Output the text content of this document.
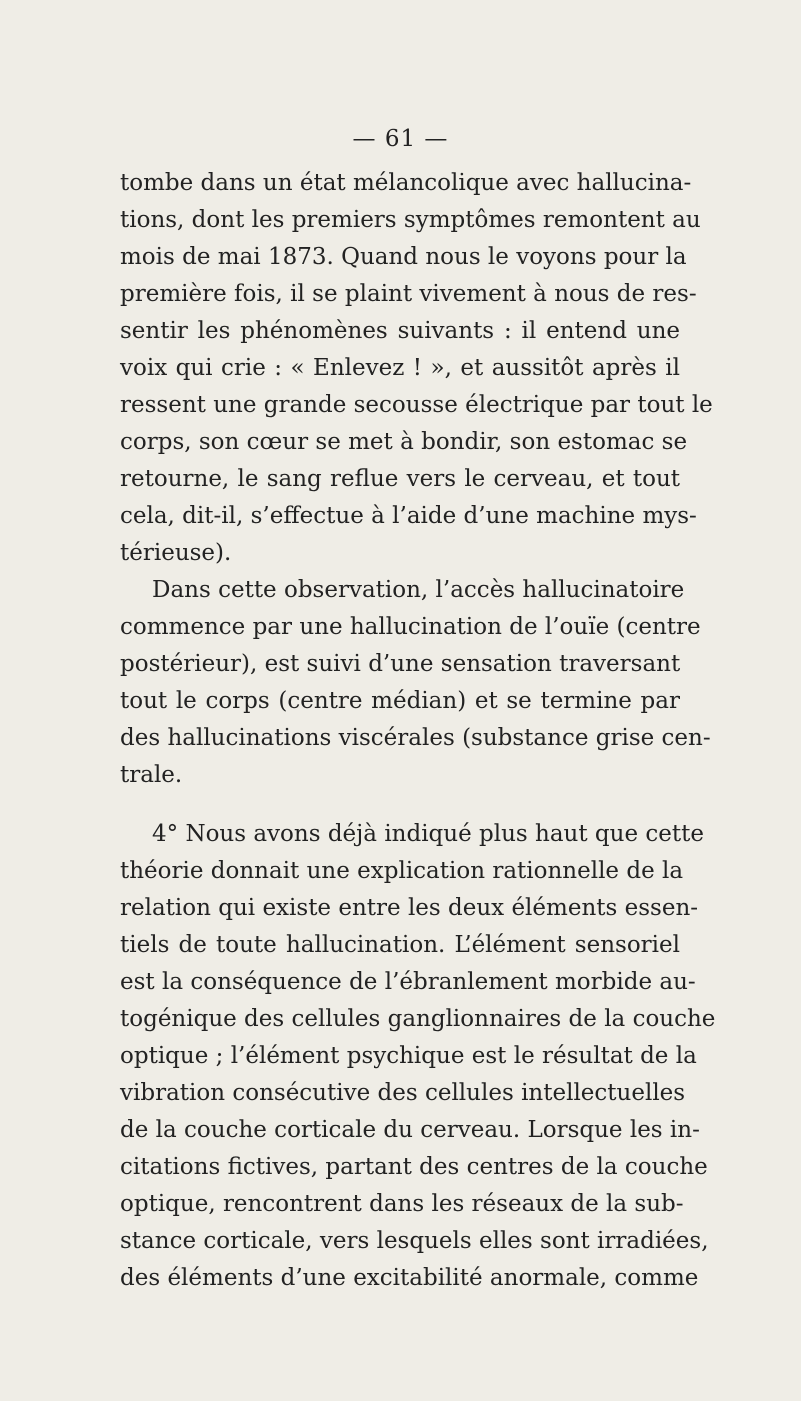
— 61 —
tombe dans un état mélancolique avec hallucina-
tions, dont les premiers symptômes remontent au
mois de mai 1873. Quand nous le voyons pour la
première fois, il se plaint vivement à nous de res-
sentir les phénomènes suivants : il entend une
voix qui crie : « Enlevez ! », et aussitôt après il
ressent une grande secousse électrique par tout le
corps, son cœur se met à bondir, son estomac se
retourne, le sang reflue vers le cerveau, et tout
cela, dit-il, s’effectue à l’aide d’une machine mys-
térieuse).
Dans cette observation, l’accès hallucinatoire
commence par une hallucination de l’ouïe (centre
postérieur), est suivi d’une sensation traversant
tout le corps (centre médian) et se termine par
des hallucinations viscérales (substance grise cen-
trale.
4° Nous avons déjà indiqué plus haut que cette
théorie donnait une explication rationnelle de la
relation qui existe entre les deux éléments essen-
tiels de toute hallucination. L’élément sensoriel
est la conséquence de l’ébranlement morbide au-
togénique des cellules ganglionnaires de la couche
optique ; l’élément psychique est le résultat de la
vibration consécutive des cellules intellectuelles
de la couche corticale du cerveau. Lorsque les in-
citations fictives, partant des centres de la couche
optique, rencontrent dans les réseaux de la sub-
stance corticale, vers lesquels elles sont irradiées,
des éléments d’une excitabilité anormale, comme
